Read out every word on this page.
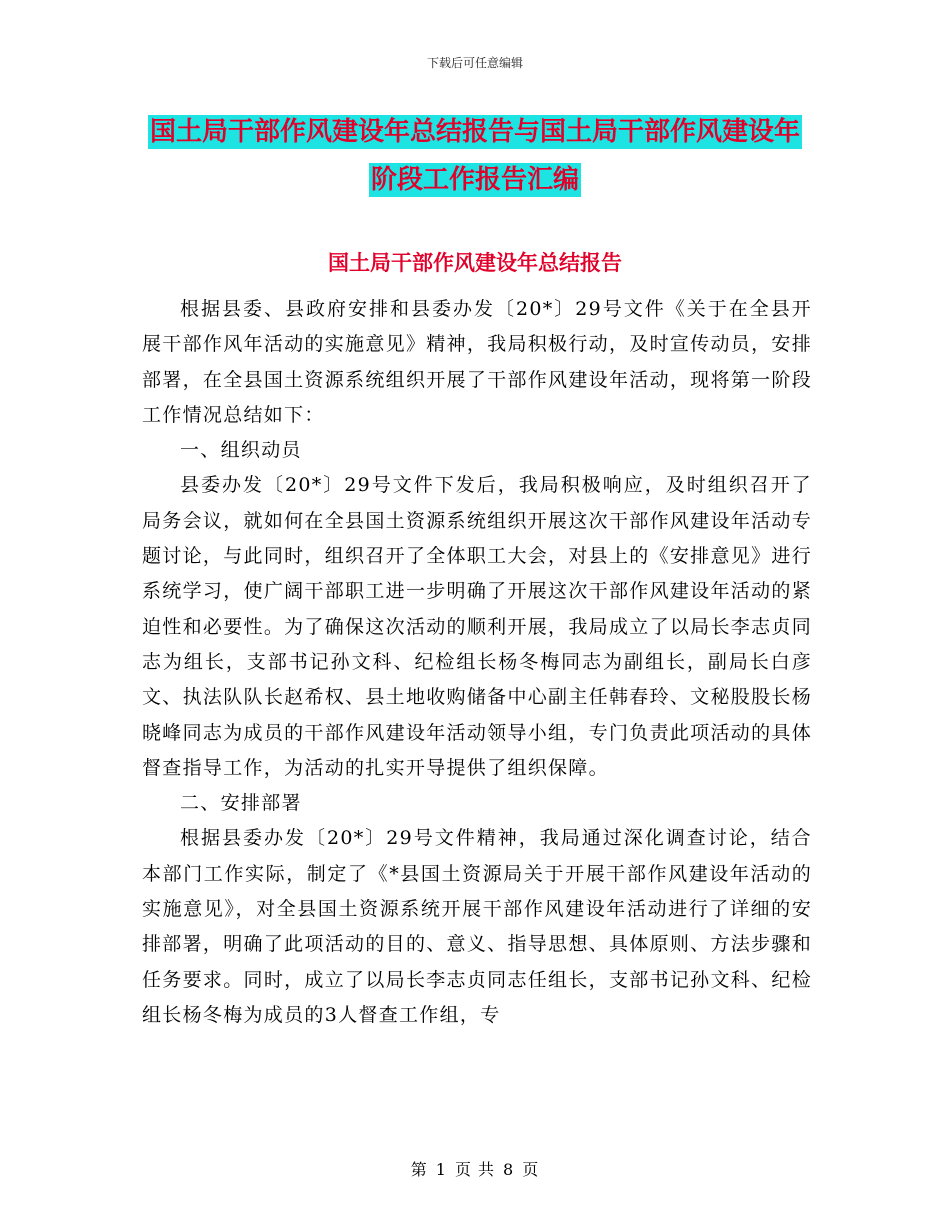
下载后可任意编辑
国土局干部作风建设年总结报告与国土局干部作风建设年阶段工作报告汇编
国土局干部作风建设年总结报告

根据县委、县政府安排和县委办发〔20*〕29号文件《关于在全县开展干部作风年活动的实施意见》精神，我局积极行动，及时宣传动员，安排部署，在全县国土资源系统组织开展了干部作风建设年活动，现将第一阶段工作情况总结如下：

一、组织动员

县委办发〔20*〕29号文件下发后，我局积极响应，及时组织召开了局务会议，就如何在全县国土资源系统组织开展这次干部作风建设年活动专题讨论，与此同时，组织召开了全体职工大会，对县上的《安排意见》进行系统学习，使广阔干部职工进一步明确了开展这次干部作风建设年活动的紧迫性和必要性。为了确保这次活动的顺利开展，我局成立了以局长李志贞同志为组长，支部书记孙文科、纪检组长杨冬梅同志为副组长，副局长白彦文、执法队队长赵希权、县土地收购储备中心副主任韩春玲、文秘股股长杨晓峰同志为成员的干部作风建设年活动领导小组，专门负责此项活动的具体督查指导工作，为活动的扎实开导提供了组织保障。

二、安排部署

根据县委办发〔20*〕29号文件精神，我局通过深化调查讨论，结合本部门工作实际，制定了《*县国土资源局关于开展干部作风建设年活动的实施意见》，对全县国土资源系统开展干部作风建设年活动进行了详细的安排部署，明确了此项活动的目的、意义、指导思想、具体原则、方法步骤和任务要求。同时，成立了以局长李志贞同志任组长，支部书记孙文科、纪检组长杨冬梅为成员的3人督查工作组，专

第 1 页 共 8 页
